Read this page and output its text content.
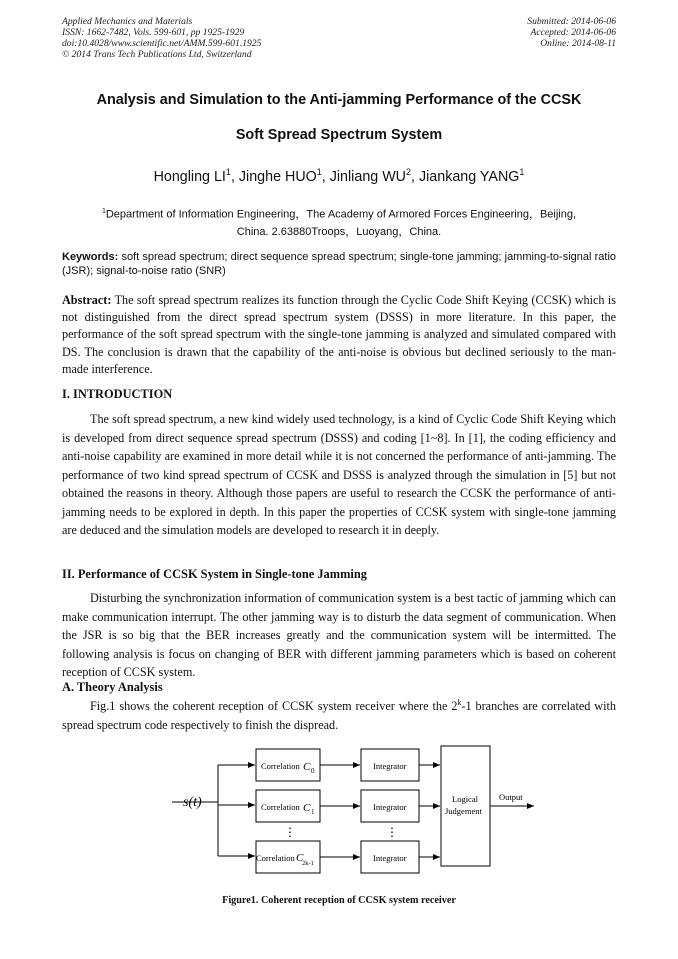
Applied Mechanics and Materials
ISSN: 1662-7482, Vols. 599-601, pp 1925-1929
doi:10.4028/www.scientific.net/AMM.599-601.1925
© 2014 Trans Tech Publications Ltd, Switzerland
Submitted: 2014-06-06
Accepted: 2014-06-06
Online: 2014-08-11
Analysis and Simulation to the Anti-jamming Performance of the CCSK
Soft Spread Spectrum System
Hongling $LI^1$, Jinghe HUO$^1$, Jinliang $WU^2$, Jiankang YANG$^1$
$^1$Department of Information Engineering，The Academy of Armored Forces Engineering，Beijing,
China. 2.63880Troops，Luoyang，China.
Keywords: soft spread spectrum; direct sequence spread spectrum; single-tone jamming; jamming-to-signal ratio (JSR); signal-to-noise ratio (SNR)
Abstract: The soft spread spectrum realizes its function through the Cyclic Code Shift Keying (CCSK) which is not distinguished from the direct spread spectrum system (DSSS) in more literature. In this paper, the performance of the soft spread spectrum with the single-tone jamming is analyzed and simulated compared with DS. The conclusion is drawn that the capability of the anti-noise is obvious but declined seriously to the man-made interference.
I. INTRODUCTION
The soft spread spectrum, a new kind widely used technology, is a kind of Cyclic Code Shift Keying which is developed from direct sequence spread spectrum (DSSS) and coding [1~8]. In [1], the coding efficiency and anti-noise capability are examined in more detail while it is not concerned the performance of anti-jamming. The performance of two kind spread spectrum of CCSK and DSSS is analyzed through the simulation in [5] but not obtained the reasons in theory. Although those papers are useful to research the CCSK the performance of anti-jamming needs to be explored in depth. In this paper the properties of CCSK system with single-tone jamming are deduced and the simulation models are developed to research it in deeply.
II. Performance of CCSK System in Single-tone Jamming
Disturbing the synchronization information of communication system is a best tactic of jamming which can make communication interrupt. The other jamming way is to disturb the data segment of communication. When the JSR is so big that the BER increases greatly and the communication system will be intermitted. The following analysis is focus on changing of BER with different jamming parameters which is based on coherent reception of CCSK system.
A. Theory Analysis
Fig.1 shows the coherent reception of CCSK system receiver where the 2$^k$-1 branches are correlated with spread spectrum code respectively to finish the dispread.
s(t)
Correlation C 0
Correlation C 1
Correlation C
2k-1
Integrator
Integrator
Integrator
⋮	⋮
Logical
Judgement
Output
Figure1. Coherent reception of CCSK system receiver
